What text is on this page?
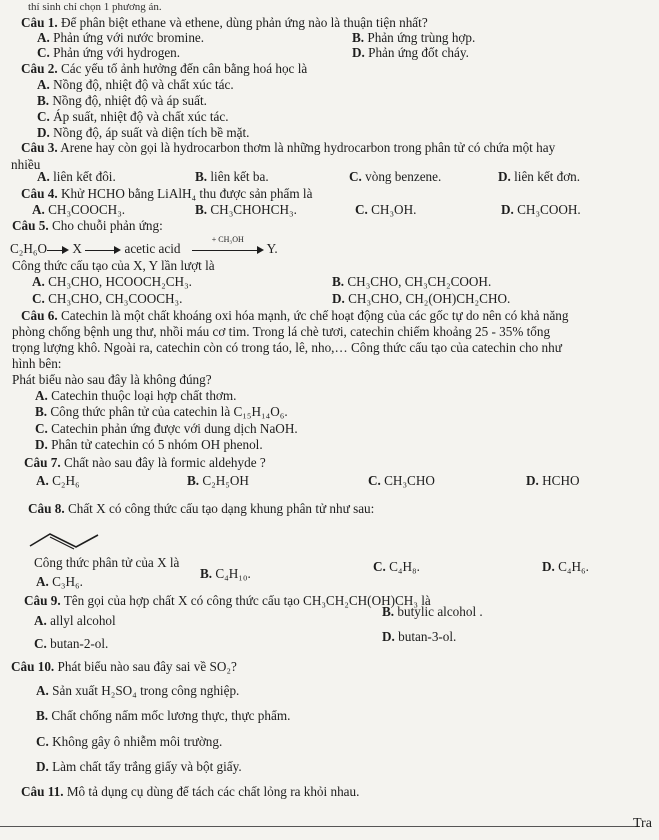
thí sinh chỉ chọn 1 phương án.
Câu 1. Để phân biệt ethane và ethene, dùng phản ứng nào là thuận tiện nhất?
A. Phản ứng với nước bromine.	B. Phản ứng trùng hợp.
C. Phản ứng với hydrogen.	D. Phản ứng đốt cháy.
Câu 2. Các yếu tố ảnh hưởng đến cân bằng hoá học là
A. Nồng độ, nhiệt độ và chất xúc tác.
B. Nồng độ, nhiệt độ và áp suất.
C. Áp suất, nhiệt độ và chất xúc tác.
D. Nồng độ, áp suất và diện tích bề mặt.
Câu 3. Arene hay còn gọi là hydrocarbon thơm là những hydrocarbon trong phân tử có chứa một hay
nhiều
A. liên kết đôi.	B. liên kết ba.	C. vòng benzene.	D. liên kết đơn.
Câu 4. Khử HCHO bằng LiAlH₄ thu được sản phẩm là
A. CH₃COOCH₃.	B. CH₃CHOHCH₃.	C. CH₃OH.	D. CH₃COOH.
Câu 5. Cho chuỗi phản ứng:
C₂H₆O X	acetic acid
+ CH₃OH
Y.
Công thức cấu tạo của X, Y lần lượt là
A. CH₃CHO, HCOOCH₂CH₃.	B. CH₃CHO, CH₃CH₂COOH.
C. CH₃CHO, CH₃COOCH₃.	D. CH₃CHO, CH₂(OH)CH₂CHO.
Câu 6. Catechin là một chất khoáng oxi hóa mạnh, ức chế hoạt động của các gốc tự do nên có khả năng
phòng chống bệnh ung thư, nhồi máu cơ tim. Trong lá chè tươi, catechin chiếm khoảng 25 - 35% tổng
trọng lượng khô. Ngoài ra, catechin còn có trong táo, lê, nho,… Công thức cấu tạo của catechin cho như
hình bên:
Phát biểu nào sau đây là không đúng?
A. Catechin thuộc loại hợp chất thơm.
B. Công thức phân tử của catechin là C₁₅H₁₄O₆.
C. Catechin phản ứng được với dung dịch NaOH.
D. Phân tử catechin có 5 nhóm OH phenol.
Câu 7. Chất nào sau đây là formic aldehyde ?
A. C₂H₆	B. C₂H₅OH	C. CH₃CHO	D. HCHO
Câu 8. Chất X có công thức cấu tạo dạng khung phân tử như sau:
Công thức phân tử của X là
A. C₃H₆.
B. C₄H₁₀.	C. C₄H₈.	D. C₄H₆.
Câu 9. Tên gọi của hợp chất X có công thức cấu tạo CH₃CH₂CH(OH)CH₃ là
A. allyl alcohol
B. butylic alcohol .
C. butan-2-ol.	D. butan-3-ol.
Câu 10. Phát biểu nào sau đây sai về SO₂?
A. Sản xuất H₂SO₄ trong công nghiệp.
B. Chất chống nấm mốc lương thực, thực phẩm.
C. Không gây ô nhiễm môi trường.
D. Làm chất tẩy trắng giấy và bột giấy.
Câu 11. Mô tả dụng cụ dùng để tách các chất lỏng ra khỏi nhau.
Tra
